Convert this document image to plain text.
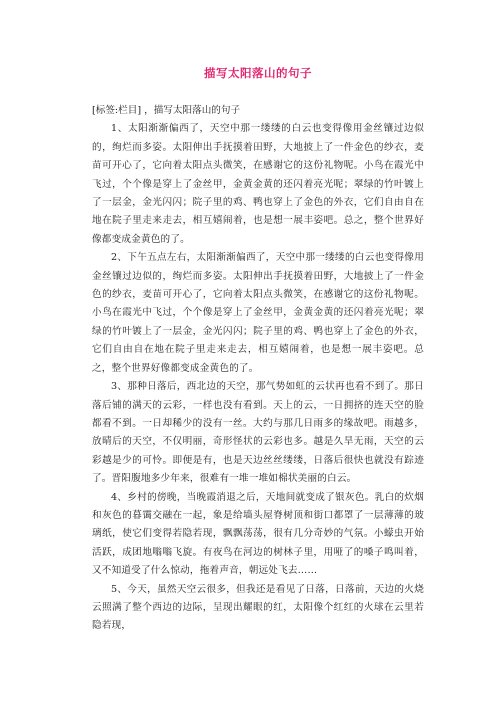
描写太阳落山的句子

[标签:栏目] ，描写太阳落山的句子

1、太阳渐渐偏西了，天空中那一缕缕的白云也变得像用金丝镶过边似的，绚烂而多姿。太阳伸出手抚摸着田野，大地披上了一件金色的纱衣，麦苗可开心了，它向着太阳点头微笑，在感谢它的这份礼物呢。小鸟在霞光中飞过，个个像是穿上了金丝甲，金黄金黄的还闪着亮光呢；翠绿的竹叶镀上了一层金，金光闪闪；院子里的鸡、鸭也穿上了金色的外衣，它们自由自在地在院子里走来走去，相互嬉闹着，也是想一展丰姿吧。总之，整个世界好像都变成金黄色的了。

2、下午五点左右，太阳渐渐偏西了，天空中那一缕缕的白云也变得像用金丝镶过边似的，绚烂而多姿。太阳伸出手抚摸着田野，大地披上了一件金色的纱衣，麦苗可开心了，它向着太阳点头微笑，在感谢它的这份礼物呢。小鸟在霞光中飞过，个个像是穿上了金丝甲，金黄金黄的还闪着亮光呢；翠绿的竹叶镀上了一层金，金光闪闪；院子里的鸡、鸭也穿上了金色的外衣，它们自由自在地在院子里走来走去，相互嬉闹着，也是想一展丰姿吧。总之，整个世界好像都变成金黄色的了。

3、那种日落后，西北边的天空，那气势如虹的云状再也看不到了。那日落后铺的满天的云彩，一样也没有看到。天上的云，一日拥挤的连天空的脸都看不到。一日却稀少的没有一丝。大约与那几日雨多的缘故吧。雨越多，放晴后的天空，不仅明丽，奇形怪状的云彩也多。越是久旱无雨，天空的云彩越是少的可怜。即便是有，也是天边丝丝缕缕，日落后很快也就没有踪迹了。晋阳腹地多少年来，很难有一堆一堆如棉状美丽的白云。

4、乡村的傍晚，当晚霞消退之后，天地间就变成了银灰色。乳白的炊烟和灰色的暮霭交融在一起，象是给墙头屋脊树顶和街口都罩了一层薄薄的玻璃纸，使它们变得若隐若现，飘飘荡荡，很有几分奇妙的气氛。小蠓虫开始活跃，成团地嗡嗡飞旋。有夜鸟在河边的树林子里，用哑了的嗓子鸣叫着，又不知道受了什么惊动，拖着声音，朝远处飞去……

5、今天，虽然天空云很多，但我还是看见了日落，日落前，天边的火烧云照满了整个西边的边际，呈现出耀眼的红，太阳像个红红的火球在云里若隐若现，
